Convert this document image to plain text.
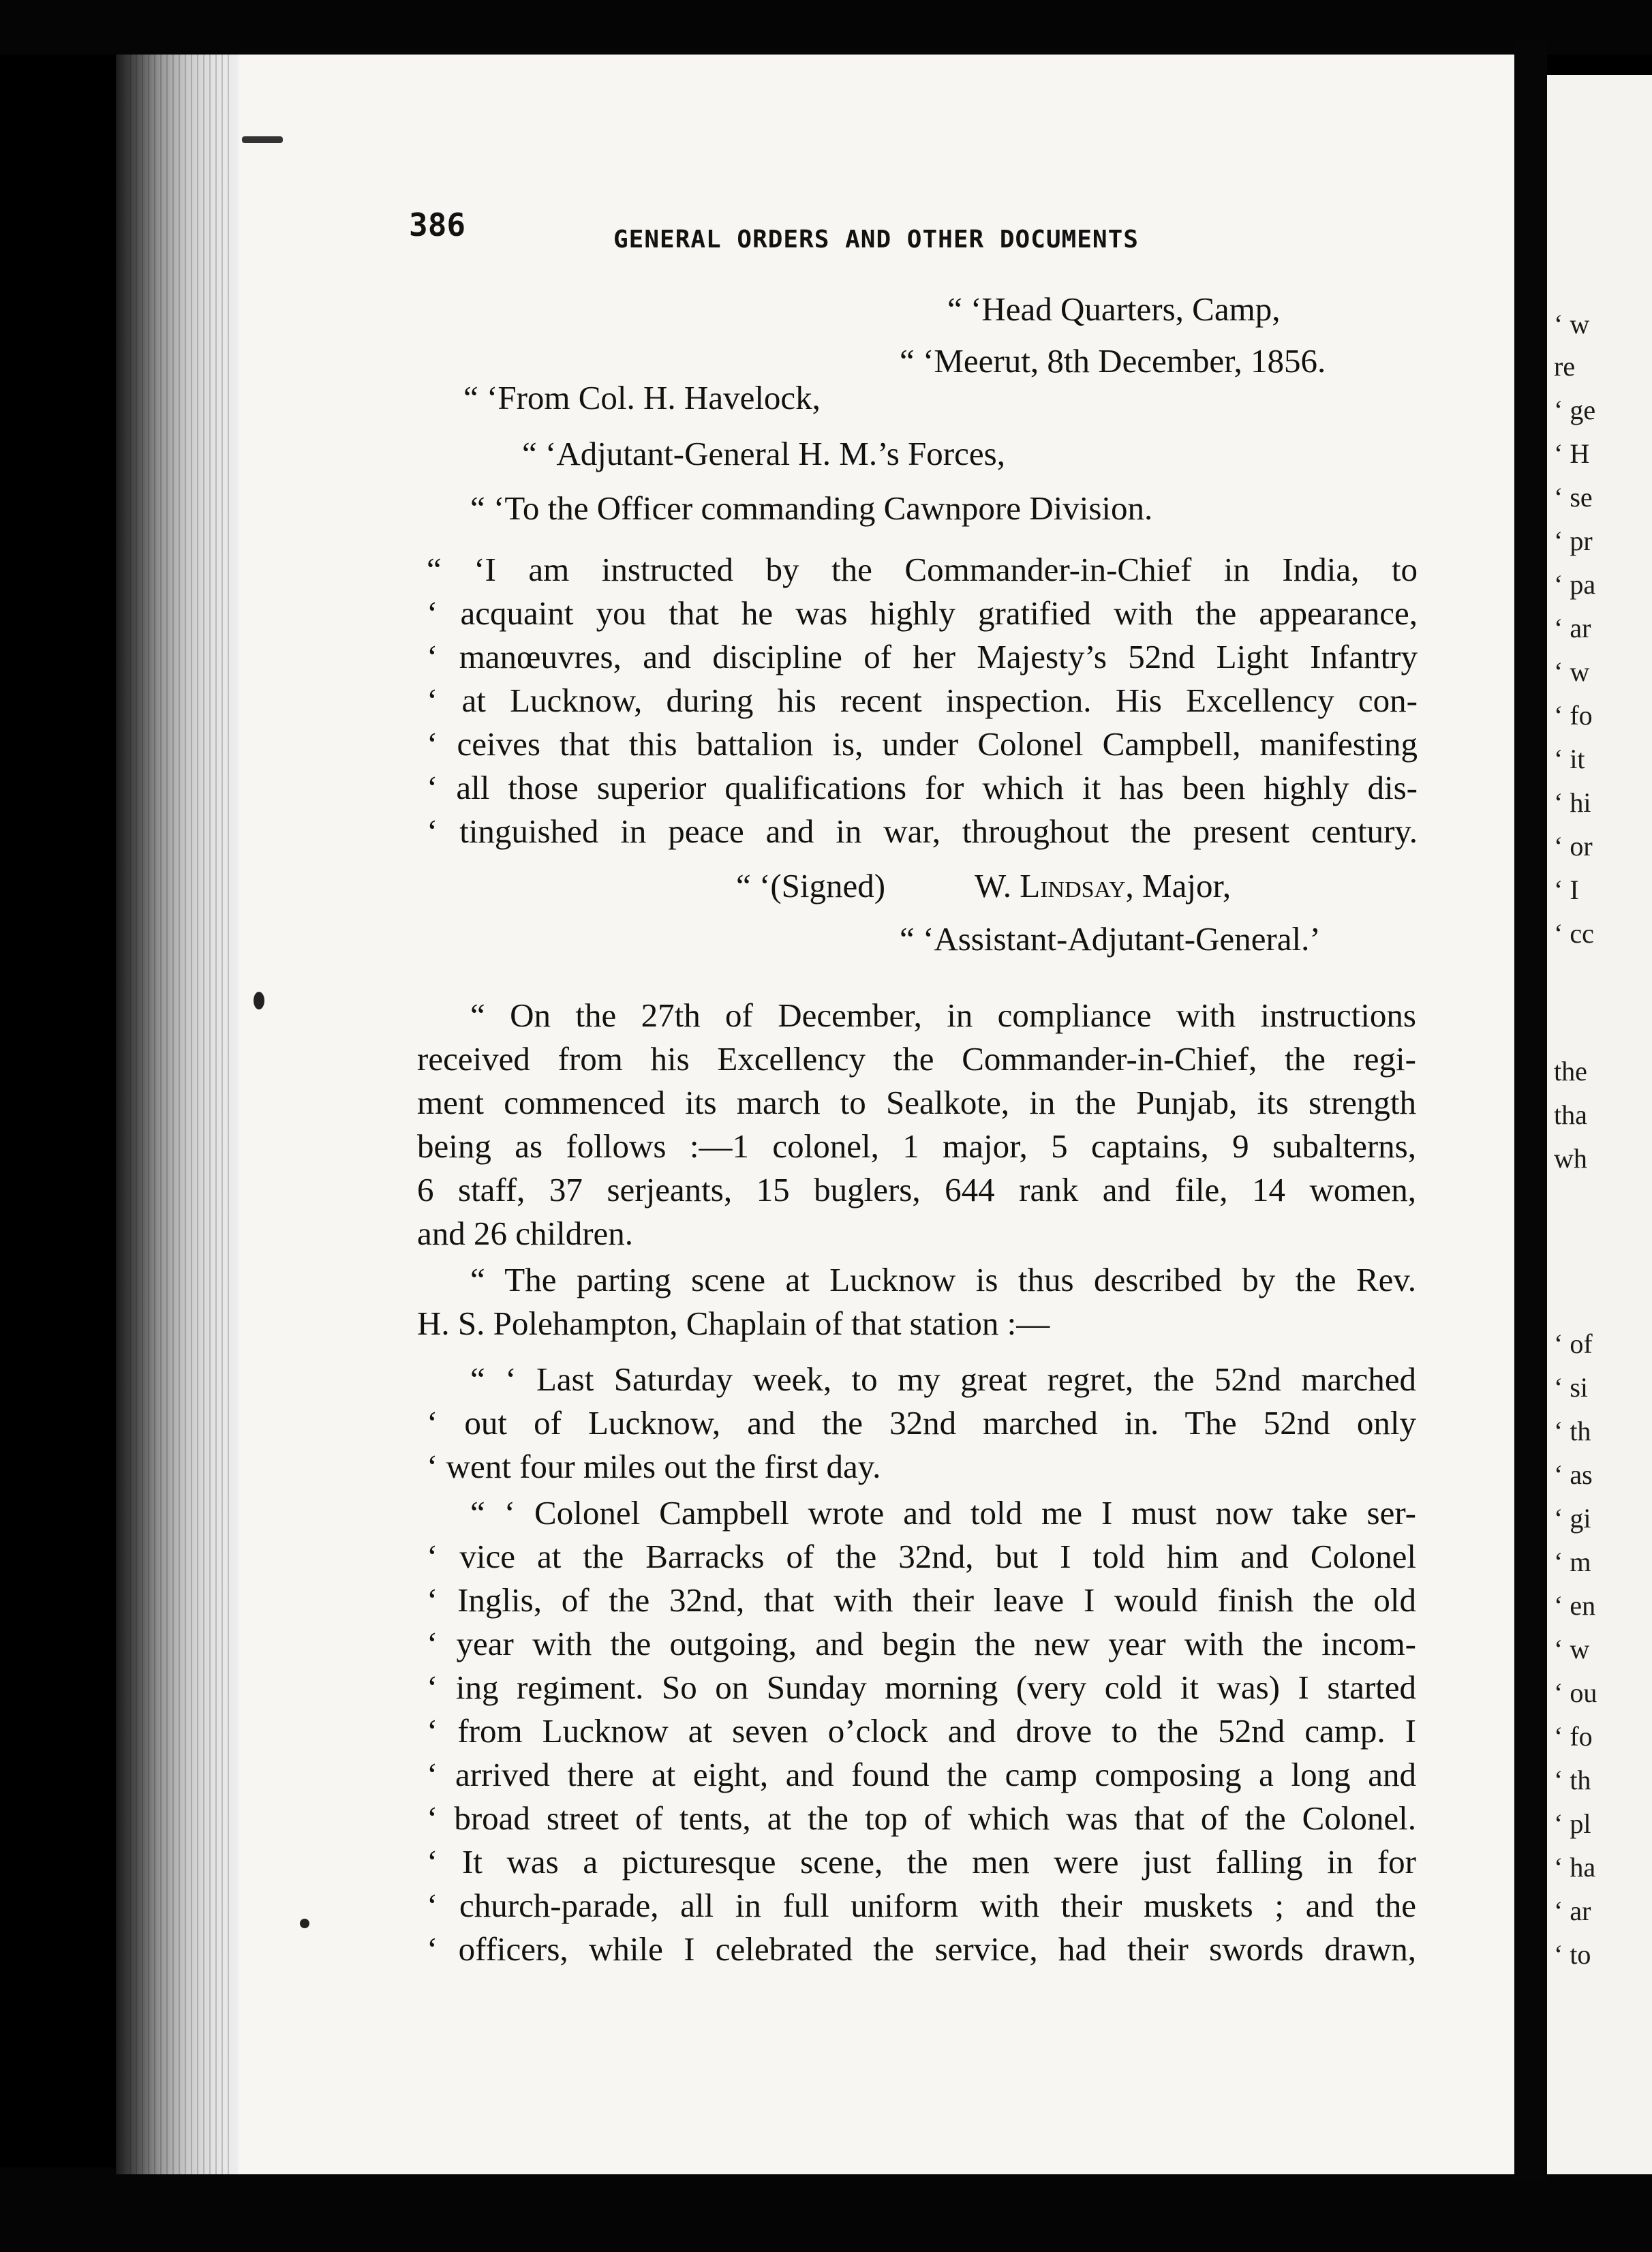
‘ w
re
‘ ge
‘ H
‘ se
‘ pr
‘ pa
‘ ar
‘ w
‘ fo
‘ it
‘ hi
‘ or
‘ I
‘ cc
the
tha
wh
‘ of
‘ si
‘ th
‘ as
‘ gi
‘ m
‘ en
‘ w
‘ ou
‘ fo
‘ th
‘ pl
‘ ha
‘ ar
‘ to
386	GENERAL ORDERS AND OTHER DOCUMENTS
“ ‘Head Quarters, Camp,
“ ‘Meerut, 8th December, 1856.
“ ‘From Col. H. Havelock,
“ ‘Adjutant-General H. M.’s Forces,
“ ‘To the Officer commanding Cawnpore Division.
“ ‘I am instructed by the Commander-in-Chief in India, to
‘ acquaint you that he was highly gratified with the appearance,
‘ manœuvres, and discipline of her Majesty’s 52nd Light Infantry
‘ at Lucknow, during his recent inspection. His Excellency con-
‘ ceives that this battalion is, under Colonel Campbell, manifesting
‘ all those superior qualifications for which it has been highly dis-
‘ tinguished in peace and in war, throughout the present century.
“ ‘(Signed)	W. Lindsay, Major,
“ ‘Assistant-Adjutant-General.’
“ On the 27th of December, in compliance with instructions
received from his Excellency the Commander-in-Chief, the regi-
ment commenced its march to Sealkote, in the Punjab, its strength
being as follows :—1 colonel, 1 major, 5 captains, 9 subalterns,
6 staff, 37 serjeants, 15 buglers, 644 rank and file, 14 women,
and 26 children.
“ The parting scene at Lucknow is thus described by the Rev.
H. S. Polehampton, Chaplain of that station :—
“ ‘ Last Saturday week, to my great regret, the 52nd marched
‘ out of Lucknow, and the 32nd marched in. The 52nd only
‘ went four miles out the first day.
“ ‘ Colonel Campbell wrote and told me I must now take ser-
‘ vice at the Barracks of the 32nd, but I told him and Colonel
‘ Inglis, of the 32nd, that with their leave I would finish the old
‘ year with the outgoing, and begin the new year with the incom-
‘ ing regiment. So on Sunday morning (very cold it was) I started
‘ from Lucknow at seven o’clock and drove to the 52nd camp. I
‘ arrived there at eight, and found the camp composing a long and
‘ broad street of tents, at the top of which was that of the Colonel.
‘ It was a picturesque scene, the men were just falling in for
‘ church-parade, all in full uniform with their muskets ; and the
‘ officers, while I celebrated the service, had their swords drawn,
